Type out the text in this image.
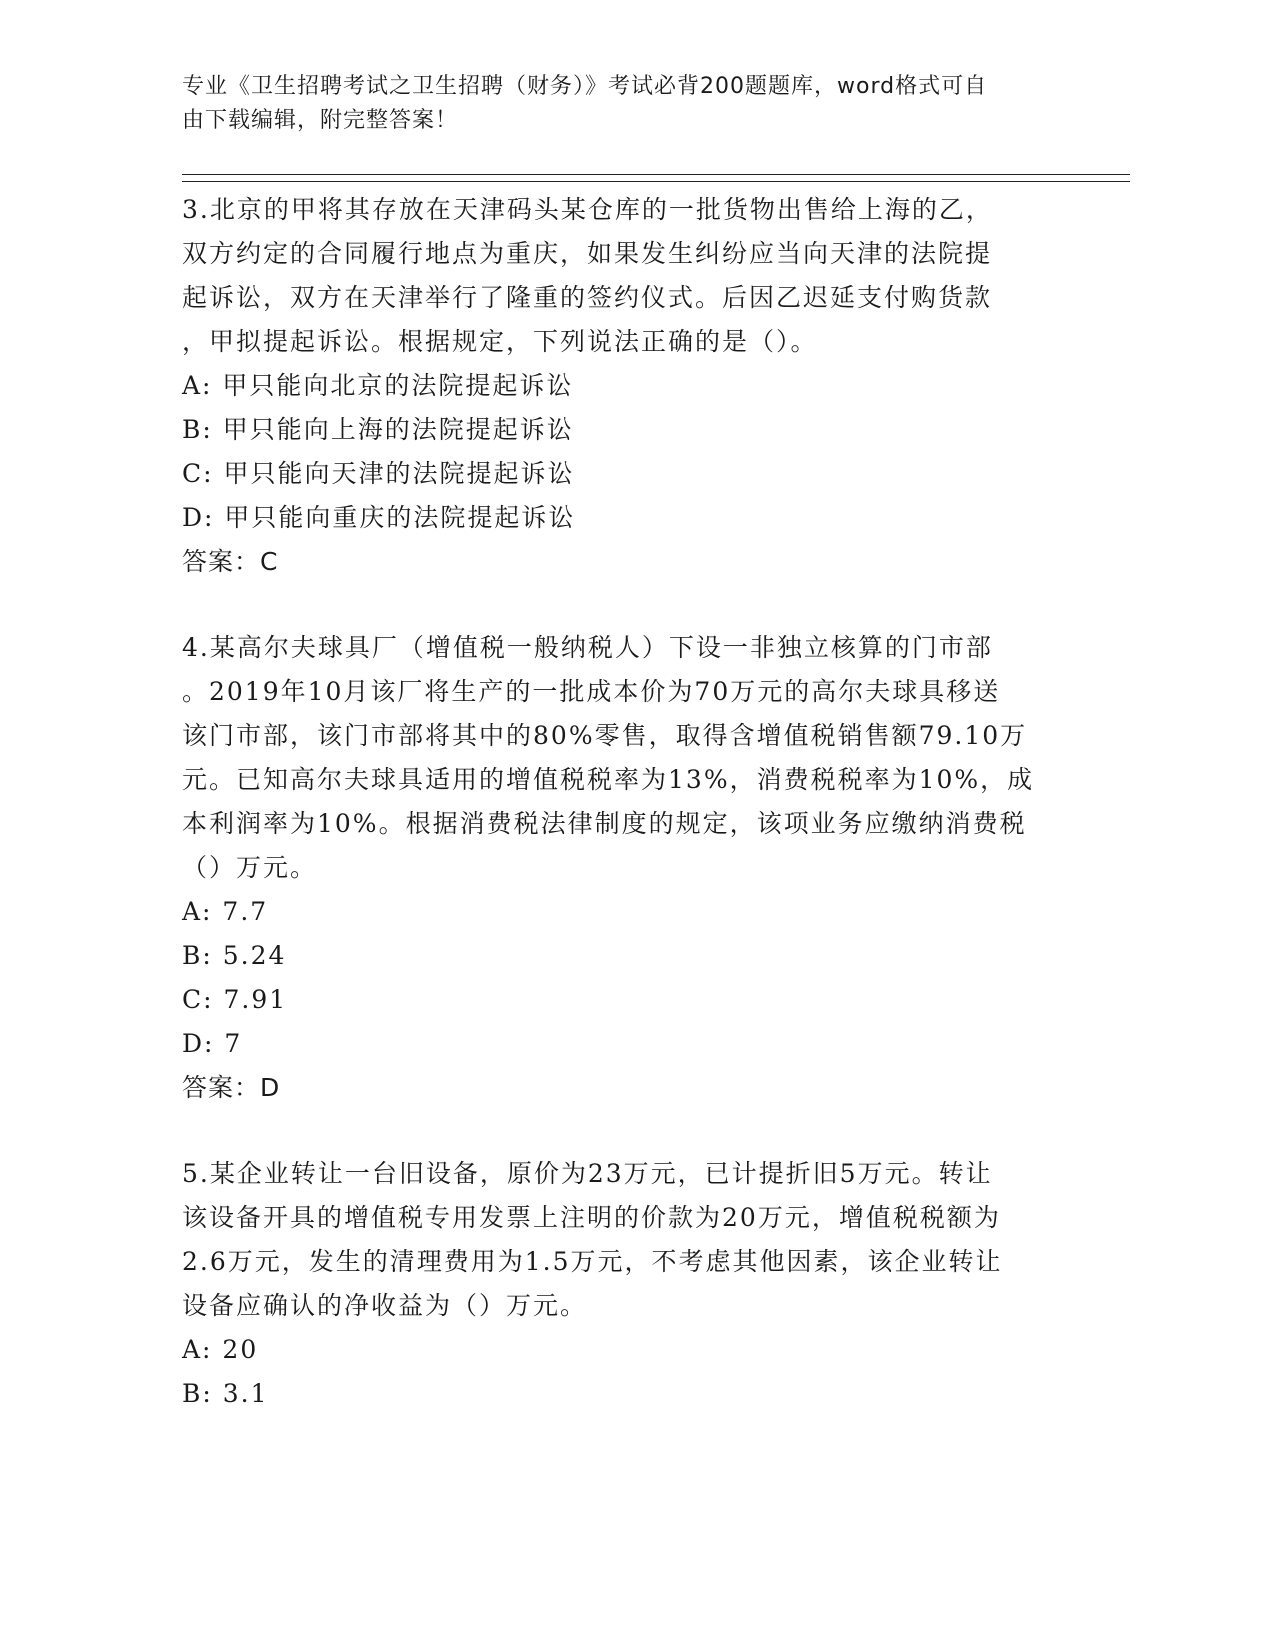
专业《卫生招聘考试之卫生招聘（财务）》考试必背200题题库，word格式可自
由下载编辑，附完整答案！
3.北京的甲将其存放在天津码头某仓库的一批货物出售给上海的乙，
双方约定的合同履行地点为重庆，如果发生纠纷应当向天津的法院提
起诉讼，双方在天津举行了隆重的签约仪式。后因乙迟延支付购货款
，甲拟提起诉讼。根据规定，下列说法正确的是（）。
A: 甲只能向北京的法院提起诉讼
B: 甲只能向上海的法院提起诉讼
C: 甲只能向天津的法院提起诉讼
D: 甲只能向重庆的法院提起诉讼
答案：C
4.某高尔夫球具厂（增值税一般纳税人）下设一非独立核算的门市部
。2019年10月该厂将生产的一批成本价为70万元的高尔夫球具移送
该门市部，该门市部将其中的80%零售，取得含增值税销售额79.10万
元。已知高尔夫球具适用的增值税税率为13%，消费税税率为10%，成
本利润率为10%。根据消费税法律制度的规定，该项业务应缴纳消费税
（）万元。
A: 7.7
B: 5.24
C: 7.91
D: 7
答案：D
5.某企业转让一台旧设备，原价为23万元，已计提折旧5万元。转让
该设备开具的增值税专用发票上注明的价款为20万元，增值税税额为
2.6万元，发生的清理费用为1.5万元，不考虑其他因素，该企业转让
设备应确认的净收益为（）万元。
A: 20
B: 3.1
